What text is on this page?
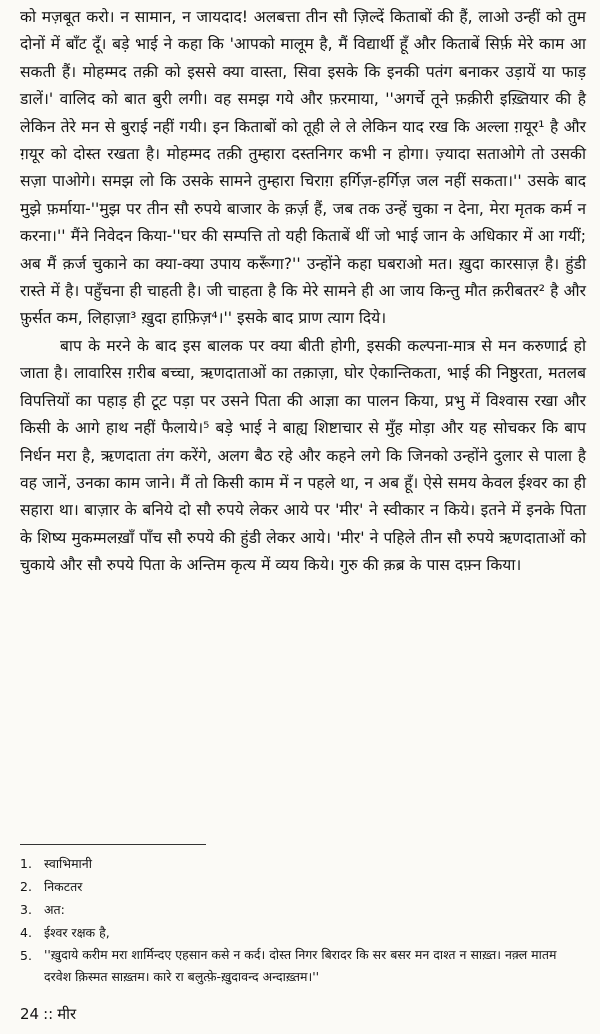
को मज़बूत करो। न सामान, न जायदाद! अलबत्ता तीन सौ ज़िल्दें किताबों की हैं, लाओ उन्हीं को तुम दोनों में बाँट दूँ। बड़े भाई ने कहा कि 'आपको मालूम है, मैं विद्यार्थी हूँ और किताबें सिर्फ़ मेरे काम आ सकती हैं। मोहम्मद तक़ी को इससे क्या वास्ता, सिवा इसके कि इनकी पतंग बनाकर उड़ायें या फाड़ डालें।' वालिद को बात बुरी लगी। वह समझ गये और फ़रमाया, ''अगर्चे तूने फ़क़ीरी इख़्तियार की है लेकिन तेरे मन से बुराई नहीं गयी। इन किताबों को तूही ले ले लेकिन याद रख कि अल्ला ग़यूर¹ है और ग़यूर को दोस्त रखता है। मोहम्मद तक़ी तुम्हारा दस्तनिगर कभी न होगा। ज़्यादा सताओगे तो उसकी सज़ा पाओगे। समझ लो कि उसके सामने तुम्हारा चिराग़ हर्गिज़-हर्गिज़ जल नहीं सकता।'' उसके बाद मुझे फ़र्माया-''मुझ पर तीन सौ रुपये बाजार के क़र्ज़ हैं, जब तक उन्हें चुका न देना, मेरा मृतक कर्म न करना।'' मैंने निवेदन किया-''घर की सम्पत्ति तो यही किताबें थीं जो भाई जान के अधिकार में आ गयीं; अब मैं क़र्ज चुकाने का क्या-क्या उपाय करूँगा?'' उन्होंने कहा घबराओ मत। ख़ुदा कारसाज़ है। हुंडी रास्ते में है। पहुँचना ही चाहती है। जी चाहता है कि मेरे सामने ही आ जाय किन्तु मौत क़रीबतर² है और फ़ुर्सत कम, लिहाज़ा³ ख़ुदा हाफ़िज़⁴।'' इसके बाद प्राण त्याग दिये।

बाप के मरने के बाद इस बालक पर क्या बीती होगी, इसकी कल्पना-मात्र से मन करुणार्द्र हो जाता है। लावारिस ग़रीब बच्चा, ऋणदाताओं का तक़ाज़ा, घोर ऐकान्तिकता, भाई की निष्ठुरता, मतलब विपत्तियों का पहाड़ ही टूट पड़ा पर उसने पिता की आज्ञा का पालन किया, प्रभु में विश्वास रखा और किसी के आगे हाथ नहीं फैलाये।⁵ बड़े भाई ने बाह्य शिष्टाचार से मुँह मोड़ा और यह सोचकर कि बाप निर्धन मरा है, ऋणदाता तंग करेंगे, अलग बैठ रहे और कहने लगे कि जिनको उन्होंने दुलार से पाला है वह जानें, उनका काम जाने। मैं तो किसी काम में न पहले था, न अब हूँ। ऐसे समय केवल ईश्वर का ही सहारा था। बाज़ार के बनिये दो सौ रुपये लेकर आये पर 'मीर' ने स्वीकार न किये। इतने में इनके पिता के शिष्य मुकम्मलख़ाँ पाँच सौ रुपये की हुंडी लेकर आये। 'मीर' ने पहिले तीन सौ रुपये ऋणदाताओं को चुकाये और सौ रुपये पिता के अन्तिम कृत्य में व्यय किये। गुरु की क़ब्र के पास दफ़्न किया।

1. स्वाभिमानी
2. निकटतर
3. अत:
4. ईश्वर रक्षक है,
5. ''ख़ुदाये करीम मरा शार्मिन्दए एहसान कसे न कर्द। दोस्त निगर बिरादर कि सर बसर मन दाश्त न साख़्त। नक़्ल मातम दरवेश क़िस्मत साख़्तम। कारे रा बलुत्फ़े-ख़ुदावन्द अन्दाख़्तम।''
24 :: मीर
